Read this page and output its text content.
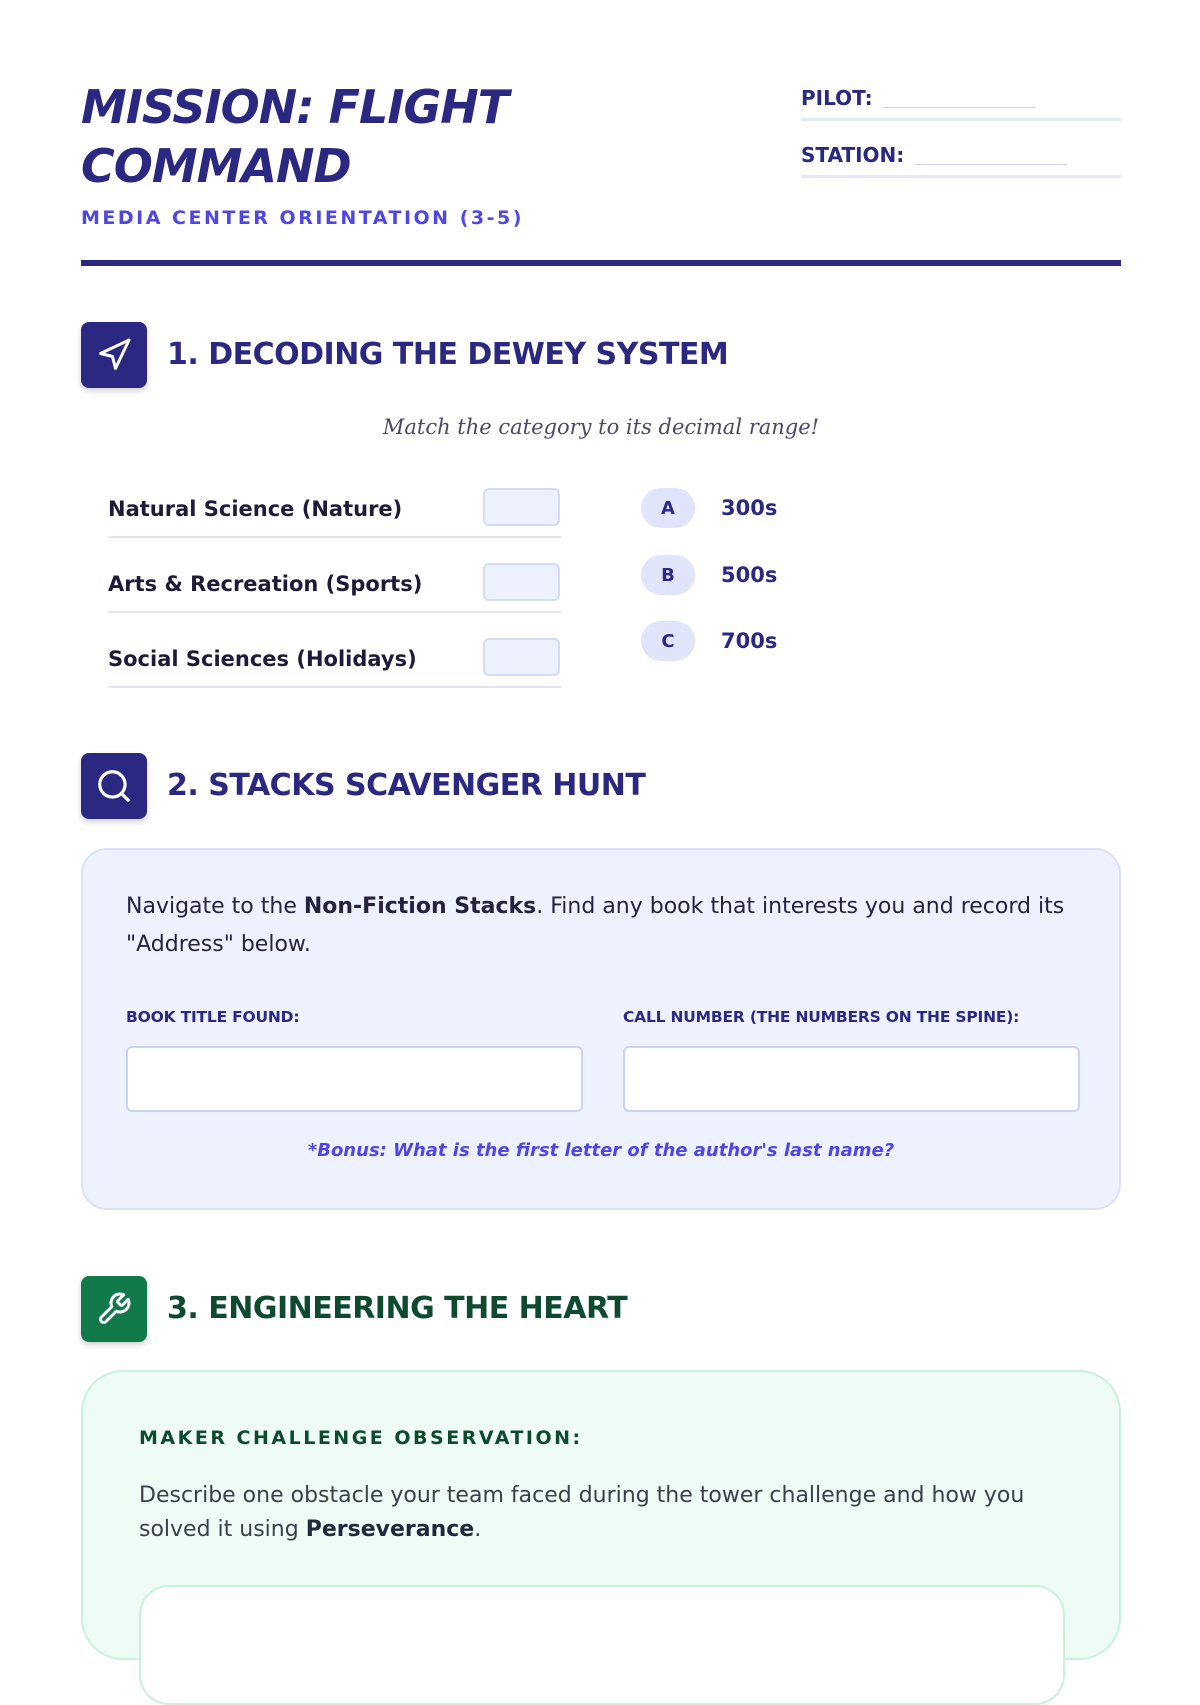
MISSION: FLIGHT COMMAND
MEDIA CENTER ORIENTATION (3-5)
PILOT:
STATION:
1. DECODING THE DEWEY SYSTEM
Match the category to its decimal range!
Natural Science (Nature)
Arts & Recreation (Sports)
Social Sciences (Holidays)
A	300s
B	500s
C	700s
2. STACKS SCAVENGER HUNT
Navigate to the Non-Fiction Stacks. Find any book that interests you and record its "Address" below.
BOOK TITLE FOUND:	CALL NUMBER (THE NUMBERS ON THE SPINE):
*Bonus: What is the first letter of the author's last name?
3. ENGINEERING THE HEART
MAKER CHALLENGE OBSERVATION:
Describe one obstacle your team faced during the tower challenge and how you solved it using Perseverance.
